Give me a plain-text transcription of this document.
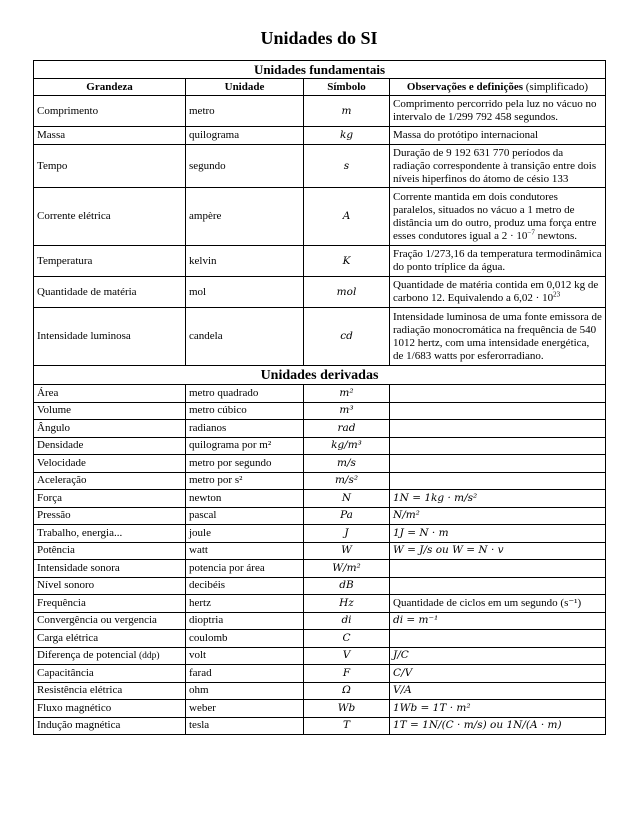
Unidades do SI
Unidades fundamentais			
Grandeza	Unidade	Símbolo	Observações e definições (simplificado)
Comprimento	metro	m	Comprimento percorrido pela luz no vácuo no intervalo de 1/299 792 458 segundos.
Massa	quilograma	kg	Massa do protótipo internacional
Tempo	segundo	s	Duração de 9 192 631 770 períodos da radiação correspondente à transição entre dois níveis hiperfinos do átomo de césio 133
Corrente elétrica	ampère	A	Corrente mantida em dois condutores paralelos, situados no vácuo a 1 metro de distância um do outro, produz uma força entre esses condutores igual a $2 \cdot 10^{-7}$ newtons.
Temperatura	kelvin	K	Fração 1/273,16 da temperatura termodinâmica do ponto tríplice da água.
Quantidade de matéria	mol	mol	Quantidade de matéria contida em 0,012 kg de carbono 12. Equivalendo a $6,02 \cdot 10^{23}$
Intensidade luminosa	candela	cd	Intensidade luminosa de uma fonte emissora de radiação monocromática na frequência de 540 1012 hertz, com uma intensidade energética, de 1/683 watts por esferorradiano.
Unidades derivadas			
Área	metro quadrado	m²	
Volume	metro cúbico	m³	
Ângulo	radianos	rad	
Densidade	quilograma por m²	kg/m³	
Velocidade	metro por segundo	m/s	
Aceleração	metro por s²	m/s²	
Força	newton	N	1N = 1kg · m/s²
Pressão	pascal	Pa	N/m²
Trabalho, energia...	joule	J	1J = N · m
Potência	watt	W	W = J/s ou W = N · v
Intensidade sonora	potencia por área	W/m²	
Nível sonoro	decibéis	dB	
Frequência	hertz	Hz	Quantidade de ciclos em um segundo (s⁻¹)
Convergência ou vergencia	dioptria	di	di = m⁻¹
Carga elétrica	coulomb	C	
Diferença de potencial (ddp)	volt	V	J/C
Capacitância	farad	F	C/V
Resistência elétrica	ohm	Ω	V/A
Fluxo magnético	weber	Wb	1Wb = 1T · m²
Indução magnética	tesla	T	1T = 1N/(C · m/s) ou 1N/(A · m)
